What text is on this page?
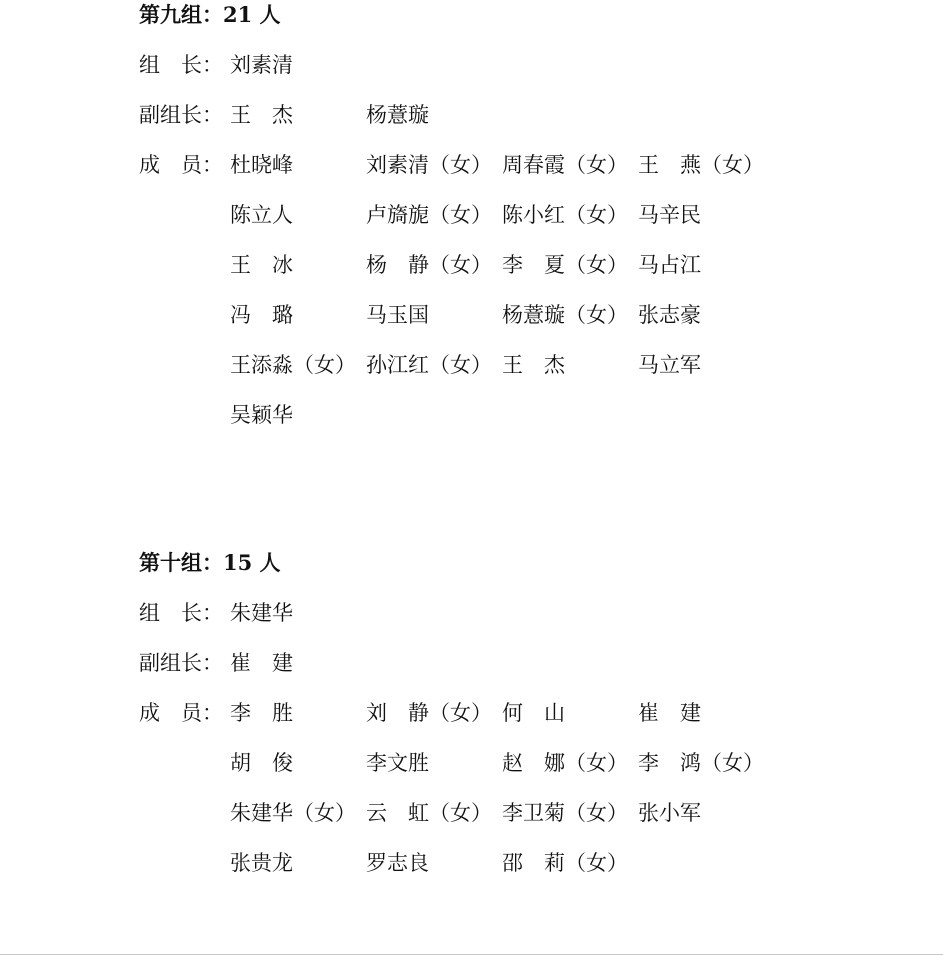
第九组：21 人
组　长： 刘素清
副组长： 王　杰	杨薏璇
成　员： 杜晓峰	刘素清（女） 周春霞（女） 王　燕（女）
陈立人	卢旖旎（女） 陈小红（女） 马辛民
王　冰	杨　静（女） 李　夏（女） 马占江
冯　璐	马玉国	杨薏璇（女） 张志豪
王添淼（女） 孙江红（女） 王　杰	马立军
吴颖华
第十组：15 人
组　长： 朱建华
副组长： 崔　建
成　员： 李　胜	刘　静（女） 何　山	崔　建
胡　俊	李文胜	赵　娜（女） 李　鸿（女）
朱建华（女） 云　虹（女） 李卫菊（女） 张小军
张贵龙	罗志良	邵　莉（女）
